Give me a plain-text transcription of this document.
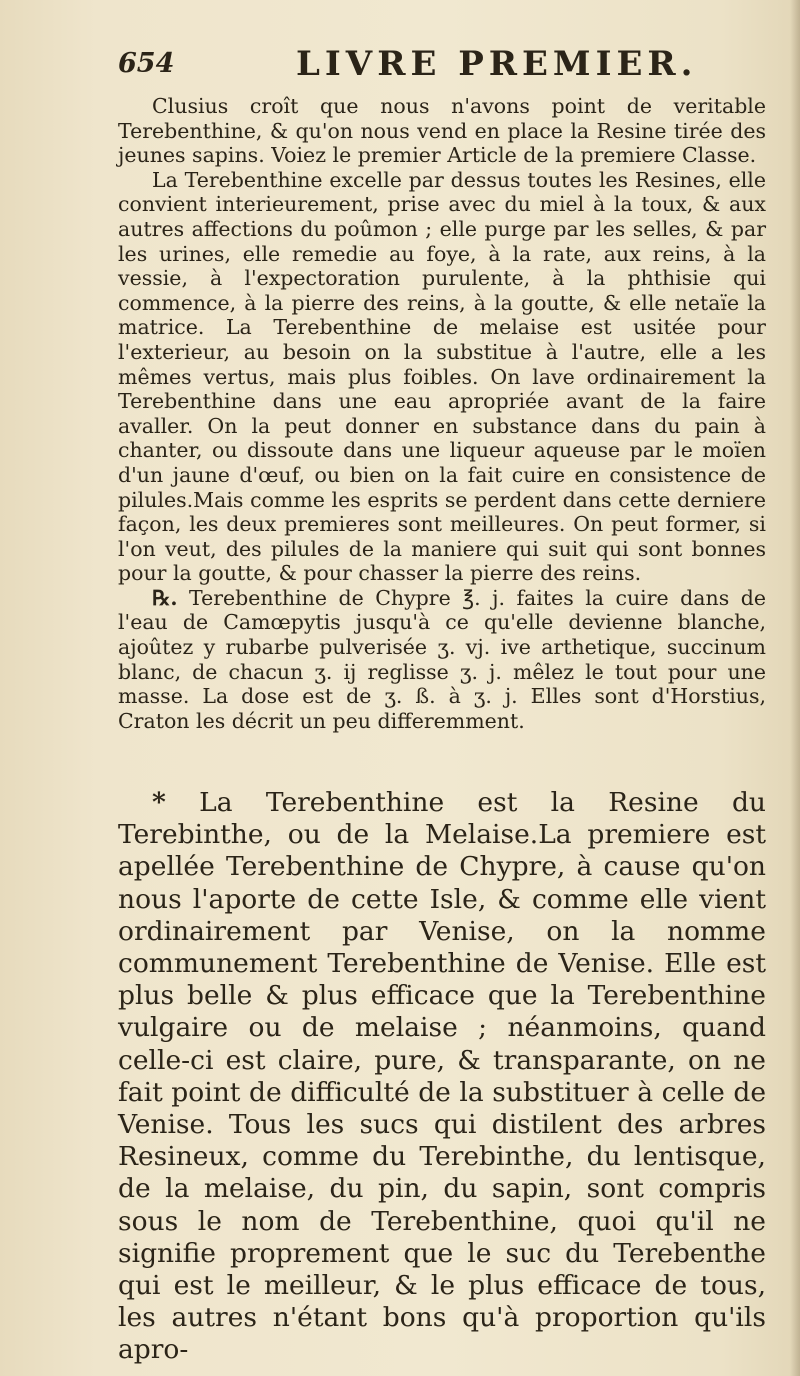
654	LIVRE PREMIER.

Clusius croît que nous n'avons point de veritable Terebenthine, & qu'on nous vend en place la Resine tirée des jeunes sapins. Voiez le premier Article de la premiere Classe.

La Terebenthine excelle par dessus toutes les Resines, elle convient interieurement, prise avec du miel à la toux, & aux autres affections du poûmon ; elle purge par les selles, & par les urines, elle remedie au foye, à la rate, aux reins, à la vessie, à l'expectoration purulente, à la phthisie qui commence, à la pierre des reins, à la goutte, & elle netaïe la matrice. La Terebenthine de melaise est usitée pour l'exterieur, au besoin on la substitue à l'autre, elle a les mêmes vertus, mais plus foibles. On lave ordinairement la Terebenthine dans une eau apropriée avant de la faire avaller. On la peut donner en substance dans du pain à chanter, ou dissoute dans une liqueur aqueuse par le moïen d'un jaune d'œuf, ou bien on la fait cuire en consistence de pilules.Mais comme les esprits se perdent dans cette derniere façon, les deux premieres sont meilleures. On peut former, si l'on veut, des pilules de la maniere qui suit qui sont bonnes pour la goutte, & pour chasser la pierre des reins.

℞. Terebenthine de Chypre ℥. j. faites la cuire dans de l'eau de Camœpytis jusqu'à ce qu'elle devienne blanche, ajoûtez y rubarbe pulverisée ʒ. vj. ive arthetique, succinum blanc, de chacun ʒ. ij reglisse ʒ. j. mêlez le tout pour une masse. La dose est de ʒ. ß. à ʒ. j. Elles sont d'Horstius, Craton les décrit un peu differemment.

* La Terebenthine est la Resine du Terebinthe, ou de la Melaise.La premiere est apellée Terebenthine de Chypre, à cause qu'on nous l'aporte de cette Isle, & comme elle vient ordinairement par Venise, on la nomme communement Terebenthine de Venise. Elle est plus belle & plus efficace que la Terebenthine vulgaire ou de melaise ; néanmoins, quand celle-ci est claire, pure, & transparante, on ne fait point de difficulté de la substituer à celle de Venise. Tous les sucs qui distilent des arbres Resineux, comme du Terebinthe, du lentisque, de la melaise, du pin, du sapin, sont compris sous le nom de Terebenthine, quoi qu'il ne signifie proprement que le suc du Terebenthe qui est le meilleur, & le plus efficace de tous, les autres n'étant bons qu'à proportion qu'ils apro-
